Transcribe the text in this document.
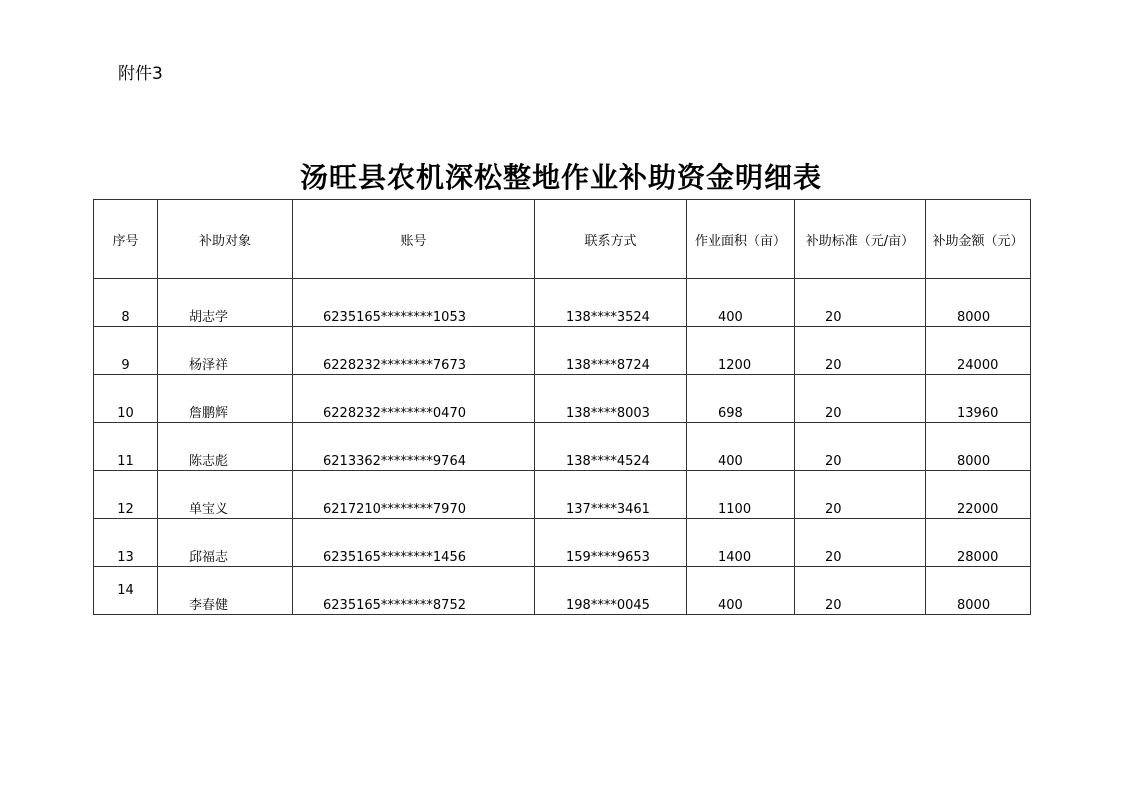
附件3
汤旺县农机深松整地作业补助资金明细表
序号	补助对象	账号	联系方式	作业面积（亩）	补助标准（元/亩）	补助金额（元）
8	胡志学	6235165********1053	138****3524	400	20	8000
9	杨泽祥	6228232********7673	138****8724	1200	20	24000
10	詹鹏辉	6228232********0470	138****8003	698	20	13960
11	陈志彪	6213362********9764	138****4524	400	20	8000
12	单宝义	6217210********7970	137****3461	1100	20	22000
13	邱福志	6235165********1456	159****9653	1400	20	28000
14	李春健	6235165********8752	198****0045	400	20	8000
